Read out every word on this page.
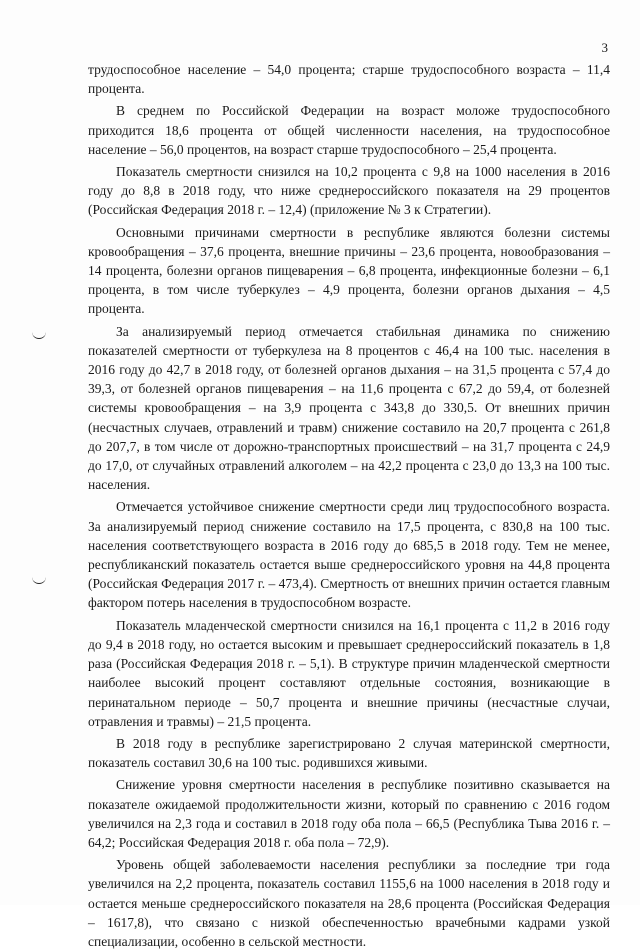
3

трудоспособное население – 54,0 процента; старше трудоспособного возраста – 11,4 процента.

В среднем по Российской Федерации на возраст моложе трудоспособного приходится 18,6 процента от общей численности населения, на трудоспособное население – 56,0 процентов, на возраст старше трудоспособного – 25,4 процента.

Показатель смертности снизился на 10,2 процента с 9,8 на 1000 населения в 2016 году до 8,8 в 2018 году, что ниже среднероссийского показателя на 29 процентов (Российская Федерация 2018 г. – 12,4) (приложение № 3 к Стратегии).

Основными причинами смертности в республике являются болезни системы кровообращения – 37,6 процента, внешние причины – 23,6 процента, новообразования – 14 процента, болезни органов пищеварения – 6,8 процента, инфекционные болезни – 6,1 процента, в том числе туберкулез – 4,9 процента, болезни органов дыхания – 4,5 процента.

За анализируемый период отмечается стабильная динамика по снижению показателей смертности от туберкулеза на 8 процентов с 46,4 на 100 тыс. населения в 2016 году до 42,7 в 2018 году, от болезней органов дыхания – на 31,5 процента с 57,4 до 39,3, от болезней органов пищеварения – на 11,6 процента с 67,2 до 59,4, от болезней системы кровообращения – на 3,9 процента с 343,8 до 330,5. От внешних причин (несчастных случаев, отравлений и травм) снижение составило на 20,7 процента с 261,8 до 207,7, в том числе от дорожно-транспортных происшествий – на 31,7 процента с 24,9 до 17,0, от случайных отравлений алкоголем – на 42,2 процента с 23,0 до 13,3 на 100 тыс. населения.

Отмечается устойчивое снижение смертности среди лиц трудоспособного возраста. За анализируемый период снижение составило на 17,5 процента, с 830,8 на 100 тыс. населения соответствующего возраста в 2016 году до 685,5 в 2018 году. Тем не менее, республиканский показатель остается выше среднероссийского уровня на 44,8 процента (Российская Федерация 2017 г. – 473,4). Смертность от внешних причин остается главным фактором потерь населения в трудоспособном возрасте.

Показатель младенческой смертности снизился на 16,1 процента с 11,2 в 2016 году до 9,4 в 2018 году, но остается высоким и превышает среднероссийский показатель в 1,8 раза (Российская Федерация 2018 г. – 5,1). В структуре причин младенческой смертности наиболее высокий процент составляют отдельные состояния, возникающие в перинатальном периоде – 50,7 процента и внешние причины (несчастные случаи, отравления и травмы) – 21,5 процента.

В 2018 году в республике зарегистрировано 2 случая материнской смертности, показатель составил 30,6 на 100 тыс. родившихся живыми.

Снижение уровня смертности населения в республике позитивно сказывается на показателе ожидаемой продолжительности жизни, который по сравнению с 2016 годом увеличился на 2,3 года и составил в 2018 году оба пола – 66,5 (Республика Тыва 2016 г. – 64,2; Российская Федерация 2018 г. оба пола – 72,9).

Уровень общей заболеваемости населения республики за последние три года увеличился на 2,2 процента, показатель составил 1155,6 на 1000 населения в 2018 году и остается меньше среднероссийского показателя на 28,6 процента (Российская Федерация – 1617,8), что связано с низкой обеспеченностью врачебными кадрами узкой специализации, особенно в сельской местности.
